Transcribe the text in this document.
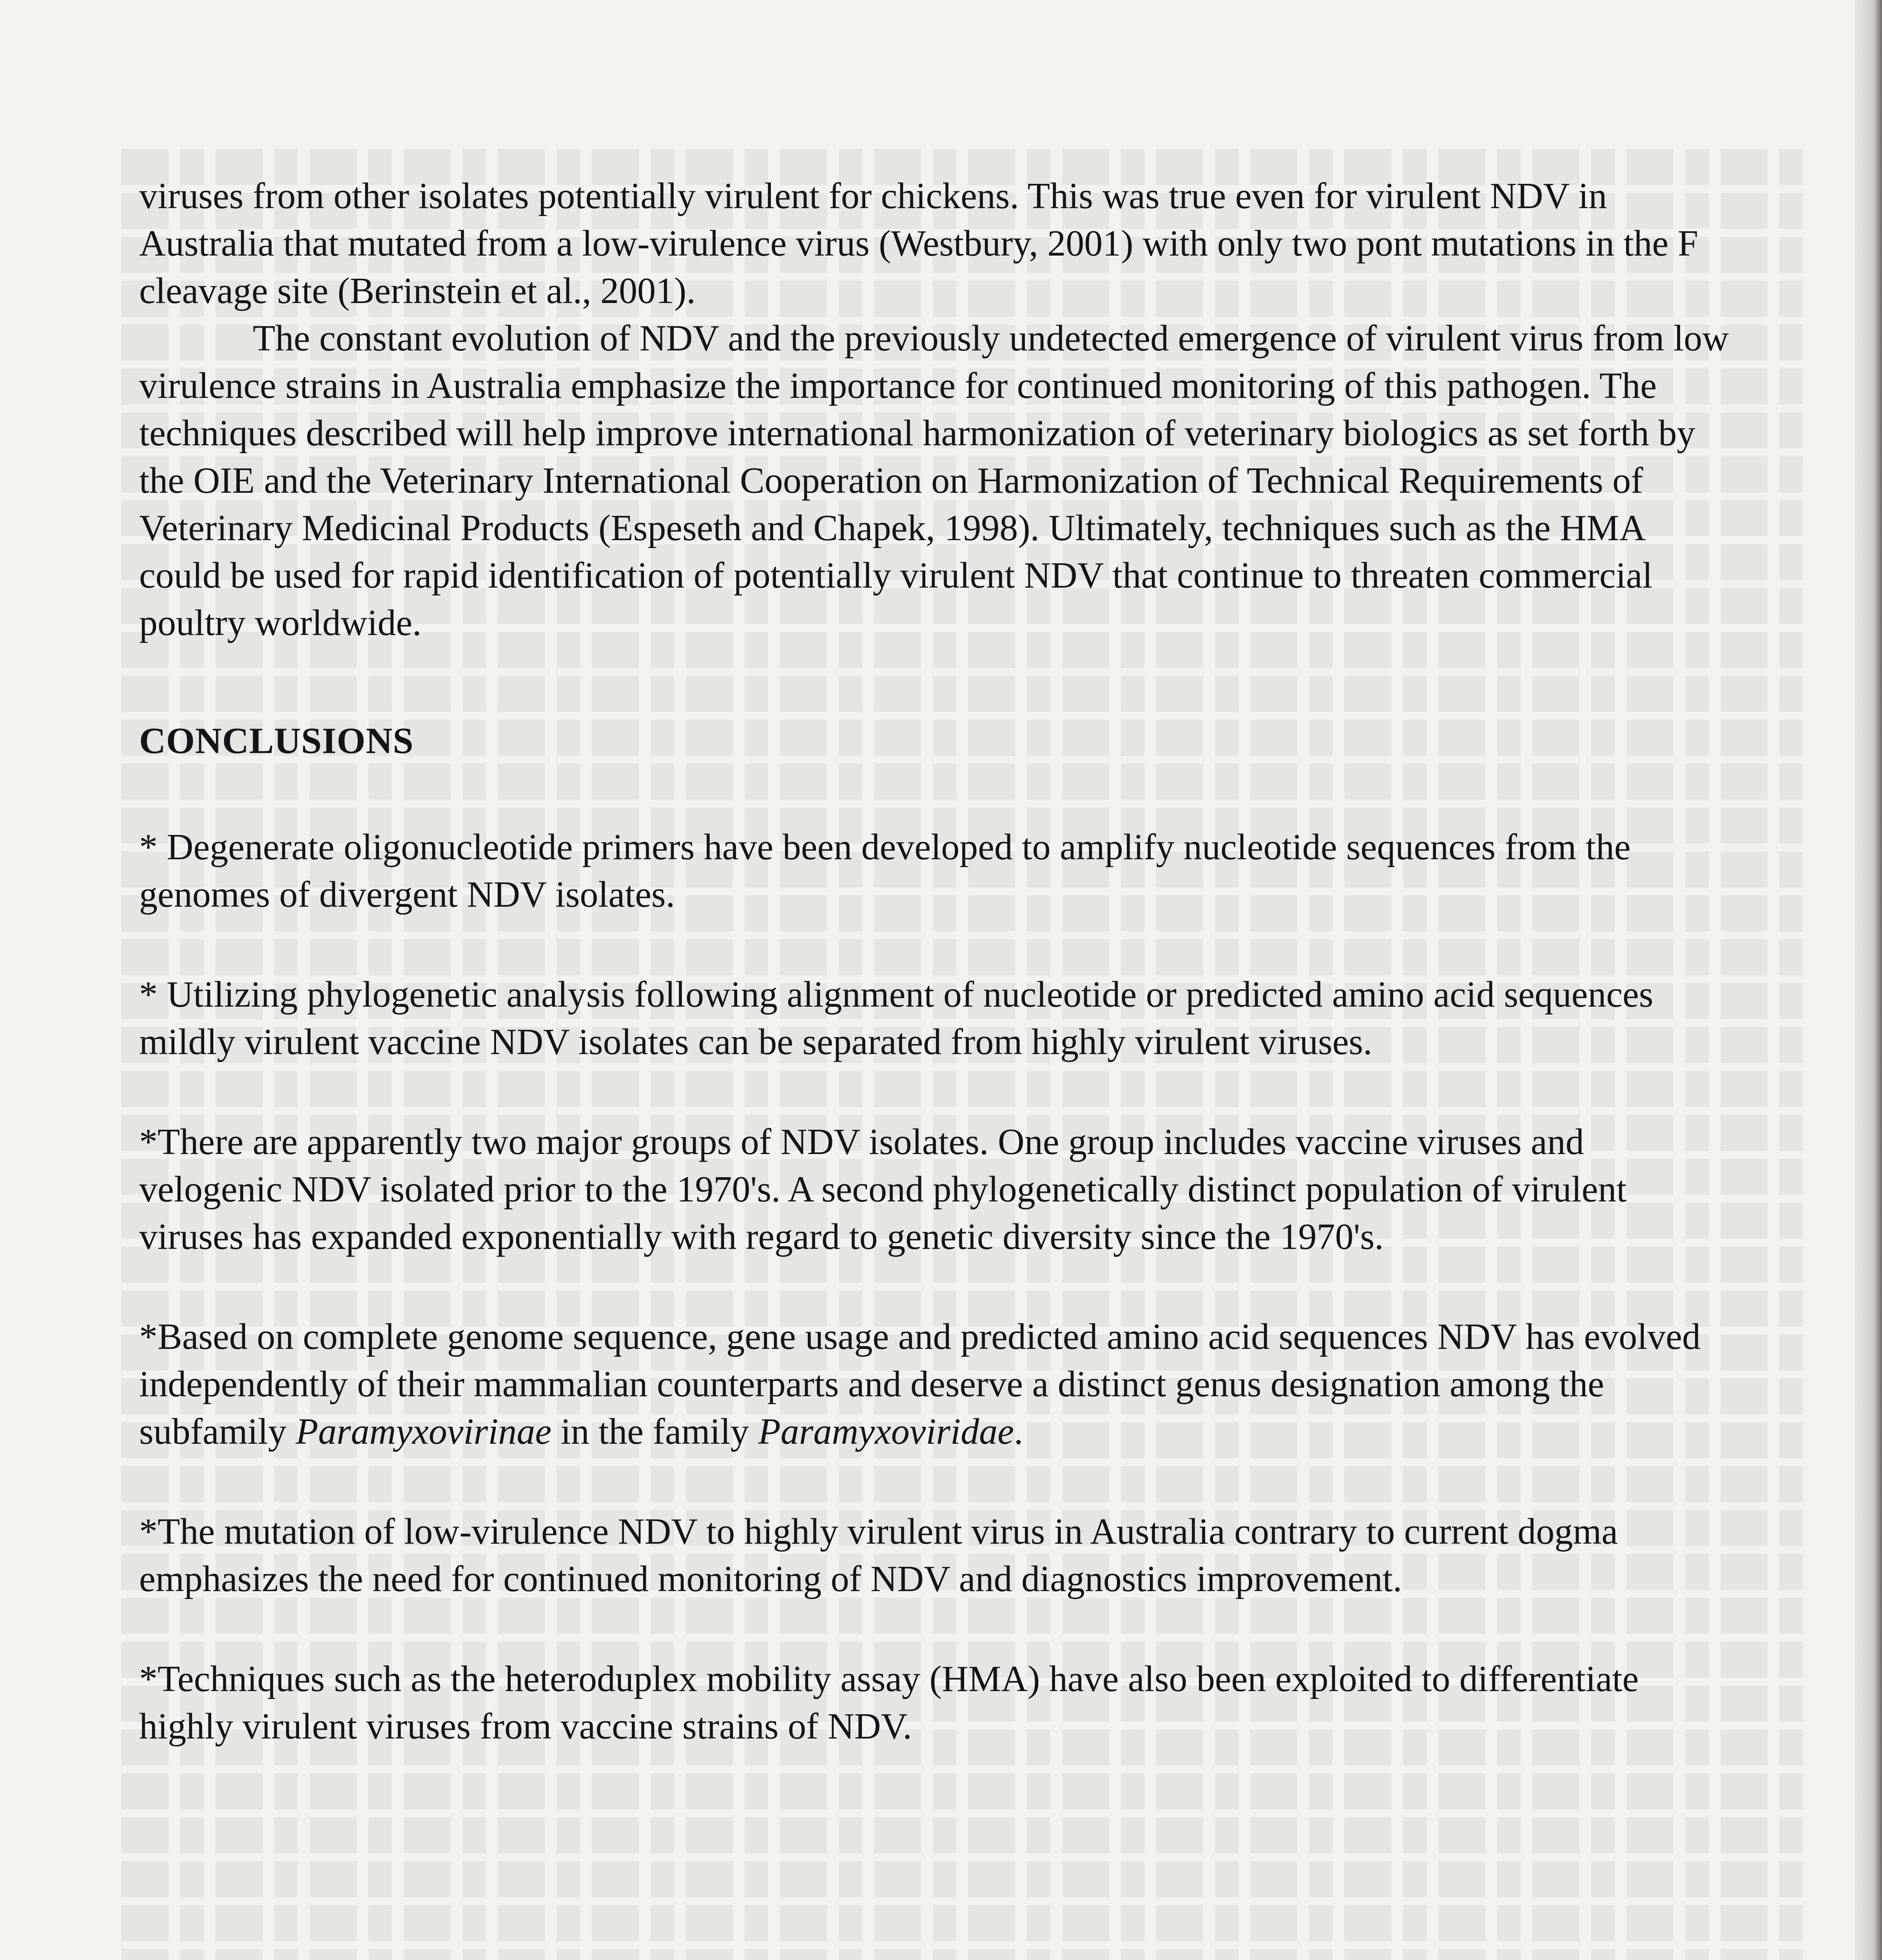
viruses from other isolates potentially virulent for chickens. This was true even for virulent NDV in Australia that mutated from a low-virulence virus (Westbury, 2001) with only two pont mutations in the F cleavage site (Berinstein et al., 2001).

The constant evolution of NDV and the previously undetected emergence of virulent virus from low virulence strains in Australia emphasize the importance for continued monitoring of this pathogen. The techniques described will help improve international harmonization of veterinary biologics as set forth by the OIE and the Veterinary International Cooperation on Harmonization of Technical Requirements of Veterinary Medicinal Products (Espeseth and Chapek, 1998). Ultimately, techniques such as the HMA could be used for rapid identification of potentially virulent NDV that continue to threaten commercial poultry worldwide.

CONCLUSIONS

* Degenerate oligonucleotide primers have been developed to amplify nucleotide sequences from the genomes of divergent NDV isolates.

* Utilizing phylogenetic analysis following alignment of nucleotide or predicted amino acid sequences mildly virulent vaccine NDV isolates can be separated from highly virulent viruses.

*There are apparently two major groups of NDV isolates. One group includes vaccine viruses and velogenic NDV isolated prior to the 1970's. A second phylogenetically distinct population of virulent viruses has expanded exponentially with regard to genetic diversity since the 1970's.

*Based on complete genome sequence, gene usage and predicted amino acid sequences NDV has evolved independently of their mammalian counterparts and deserve a distinct genus designation among the subfamily Paramyxovirinae in the family Paramyxoviridae.

*The mutation of low-virulence NDV to highly virulent virus in Australia contrary to current dogma emphasizes the need for continued monitoring of NDV and diagnostics improvement.

*Techniques such as the heteroduplex mobility assay (HMA) have also been exploited to differentiate highly virulent viruses from vaccine strains of NDV.
